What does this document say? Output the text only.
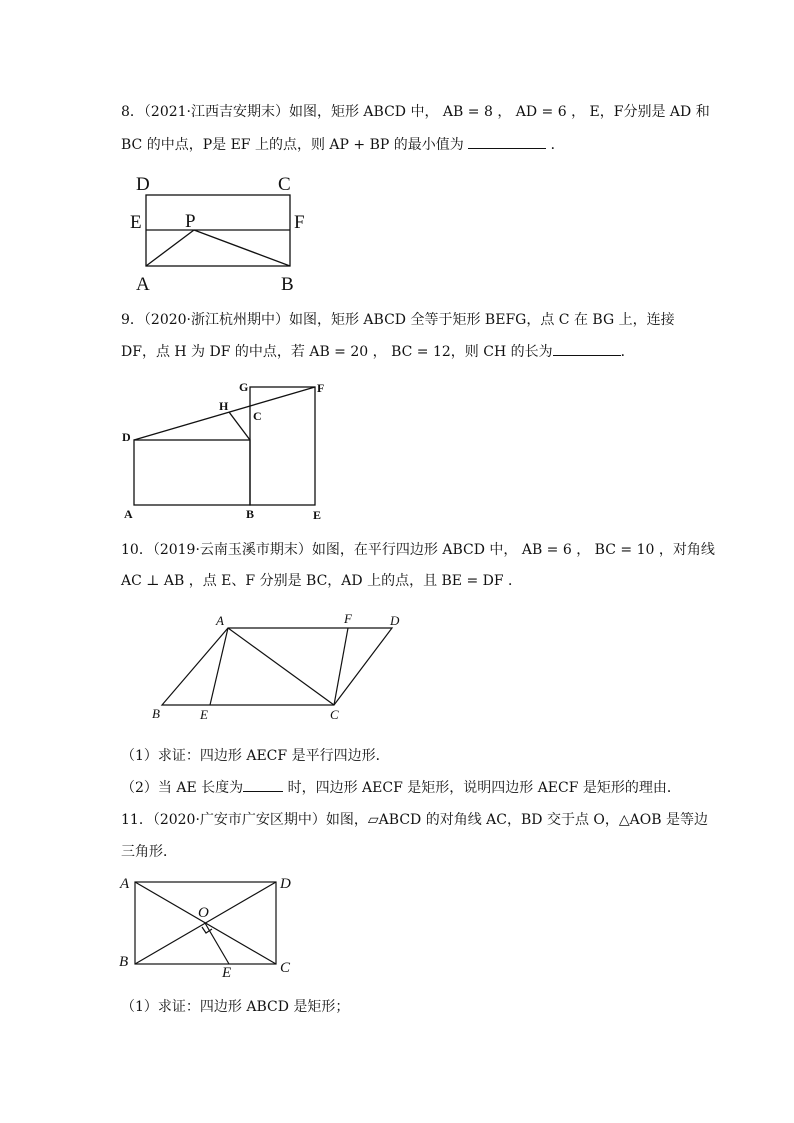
8．（2021·江西吉安期末）如图，矩形 ABCD 中， AB = 8 ， AD = 6 ， E，F分别是 AD 和
BC 的中点，P是 EF 上的点，则 AP + BP 的最小值为	．
D	C
E P	F
A	B
9．（2020·浙江杭州期中）如图，矩形 ABCD 全等于矩形 BEFG，点 C 在 BG 上，连接
DF，点 H 为 DF 的中点，若 AB = 20 ， BC = 12，则 CH 的长为	．
G	F
H
D
C
A	B	E
10．（2019·云南玉溪市期末）如图，在平行四边形 ABCD 中， AB = 6 ， BC = 10 ，对角线
AC ⊥ AB ，点 E、F 分别是 BC，AD 上的点，且 BE = DF ．
A	F	D
B	E	C
（1）求证：四边形 AECF 是平行四边形．
（2）当 AE 长度为	时，四边形 AECF 是矩形，说明四边形 AECF 是矩形的理由．
11．（2020·广安市广安区期中）如图，▱ABCD 的对角线 AC，BD 交于点 O，△AOB 是等边
三角形．
A	D
O
B
E	C
（1）求证：四边形 ABCD 是矩形；
